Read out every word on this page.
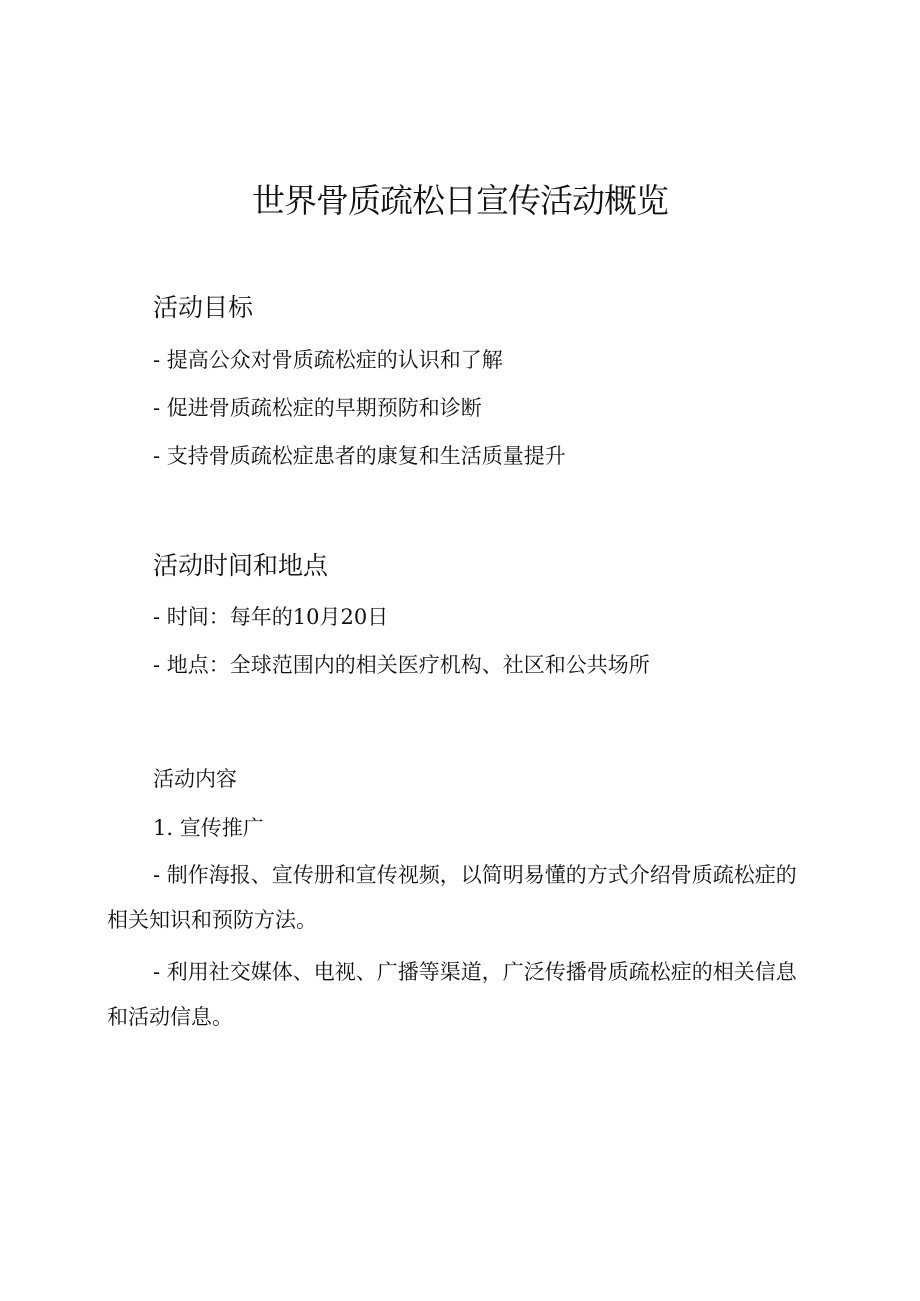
世界骨质疏松日宣传活动概览
活动目标

- 提高公众对骨质疏松症的认识和了解

- 促进骨质疏松症的早期预防和诊断

- 支持骨质疏松症患者的康复和生活质量提升

活动时间和地点

- 时间：每年的10月20日

- 地点：全球范围内的相关医疗机构、社区和公共场所

活动内容

1. 宣传推广

- 制作海报、宣传册和宣传视频，以简明易懂的方式介绍骨质疏松症的相关知识和预防方法。

- 利用社交媒体、电视、广播等渠道，广泛传播骨质疏松症的相关信息和活动信息。
